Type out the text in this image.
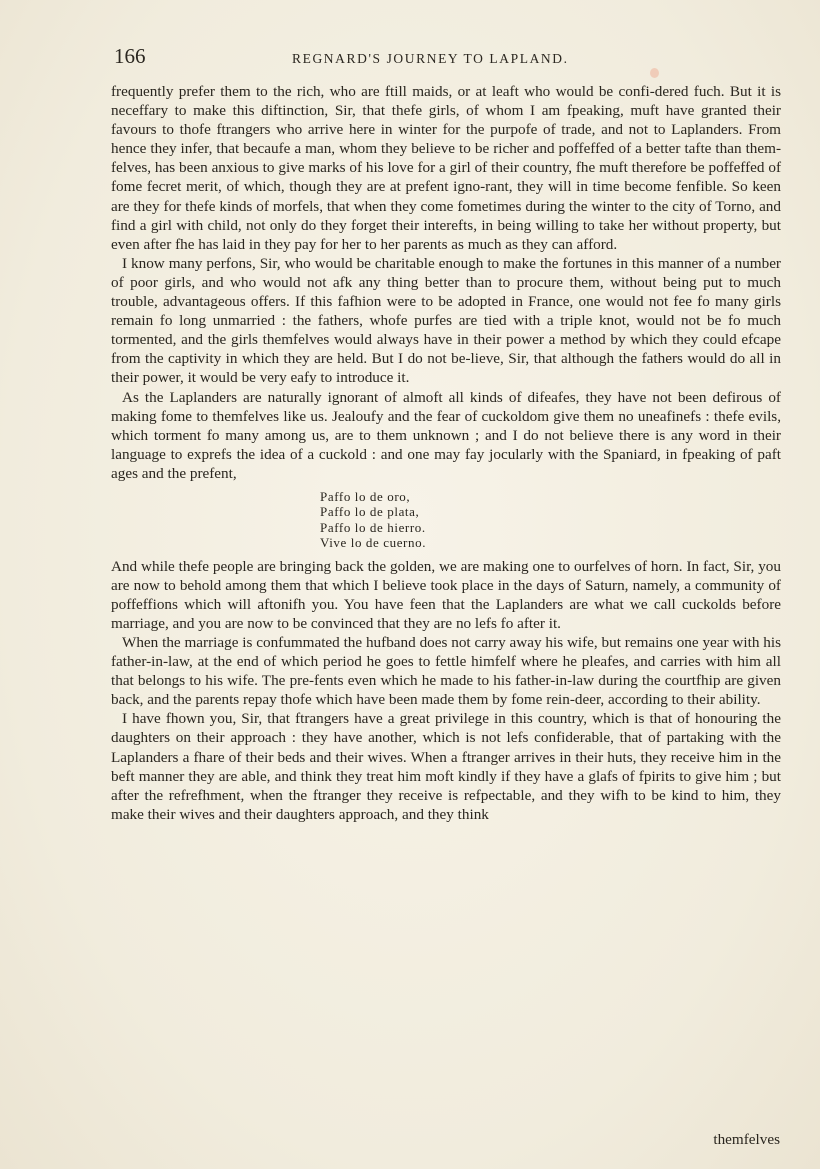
166	REGNARD'S JOURNEY TO LAPLAND.

frequently prefer them to the rich, who are ftill maids, or at leaft who would be confi-dered fuch. But it is neceffary to make this diftinction, Sir, that thefe girls, of whom I am fpeaking, muft have granted their favours to thofe ftrangers who arrive here in winter for the purpofe of trade, and not to Laplanders. From hence they infer, that becaufe a man, whom they believe to be richer and poffeffed of a better tafte than them-felves, has been anxious to give marks of his love for a girl of their country, fhe muft therefore be poffeffed of fome fecret merit, of which, though they are at prefent igno-rant, they will in time become fenfible. So keen are they for thefe kinds of morfels, that when they come fometimes during the winter to the city of Torno, and find a girl with child, not only do they forget their interefts, in being willing to take her without property, but even after fhe has laid in they pay for her to her parents as much as they can afford.

I know many perfons, Sir, who would be charitable enough to make the fortunes in this manner of a number of poor girls, and who would not afk any thing better than to procure them, without being put to much trouble, advantageous offers. If this fafhion were to be adopted in France, one would not fee fo many girls remain fo long unmarried : the fathers, whofe purfes are tied with a triple knot, would not be fo much tormented, and the girls themfelves would always have in their power a method by which they could efcape from the captivity in which they are held. But I do not be-lieve, Sir, that although the fathers would do all in their power, it would be very eafy to introduce it.

As the Laplanders are naturally ignorant of almoft all kinds of difeafes, they have not been defirous of making fome to themfelves like us. Jealoufy and the fear of cuckoldom give them no uneafinefs : thefe evils, which torment fo many among us, are to them unknown ; and I do not believe there is any word in their language to exprefs the idea of a cuckold : and one may fay jocularly with the Spaniard, in fpeaking of paft ages and the prefent,

Paffo lo de oro,
Paffo lo de plata,
Paffo lo de hierro.
Vive lo de cuerno.

And while thefe people are bringing back the golden, we are making one to ourfelves of horn. In fact, Sir, you are now to behold among them that which I believe took place in the days of Saturn, namely, a community of poffeffions which will aftonifh you. You have feen that the Laplanders are what we call cuckolds before marriage, and you are now to be convinced that they are no lefs fo after it.

When the marriage is confummated the hufband does not carry away his wife, but remains one year with his father-in-law, at the end of which period he goes to fettle himfelf where he pleafes, and carries with him all that belongs to his wife. The pre-fents even which he made to his father-in-law during the courtfhip are given back, and the parents repay thofe which have been made them by fome rein-deer, according to their ability.

I have fhown you, Sir, that ftrangers have a great privilege in this country, which is that of honouring the daughters on their approach : they have another, which is not lefs confiderable, that of partaking with the Laplanders a fhare of their beds and their wives. When a ftranger arrives in their huts, they receive him in the beft manner they are able, and think they treat him moft kindly if they have a glafs of fpirits to give him ; but after the refrefhment, when the ftranger they receive is refpectable, and they wifh to be kind to him, they make their wives and their daughters approach, and they think

themfelves
